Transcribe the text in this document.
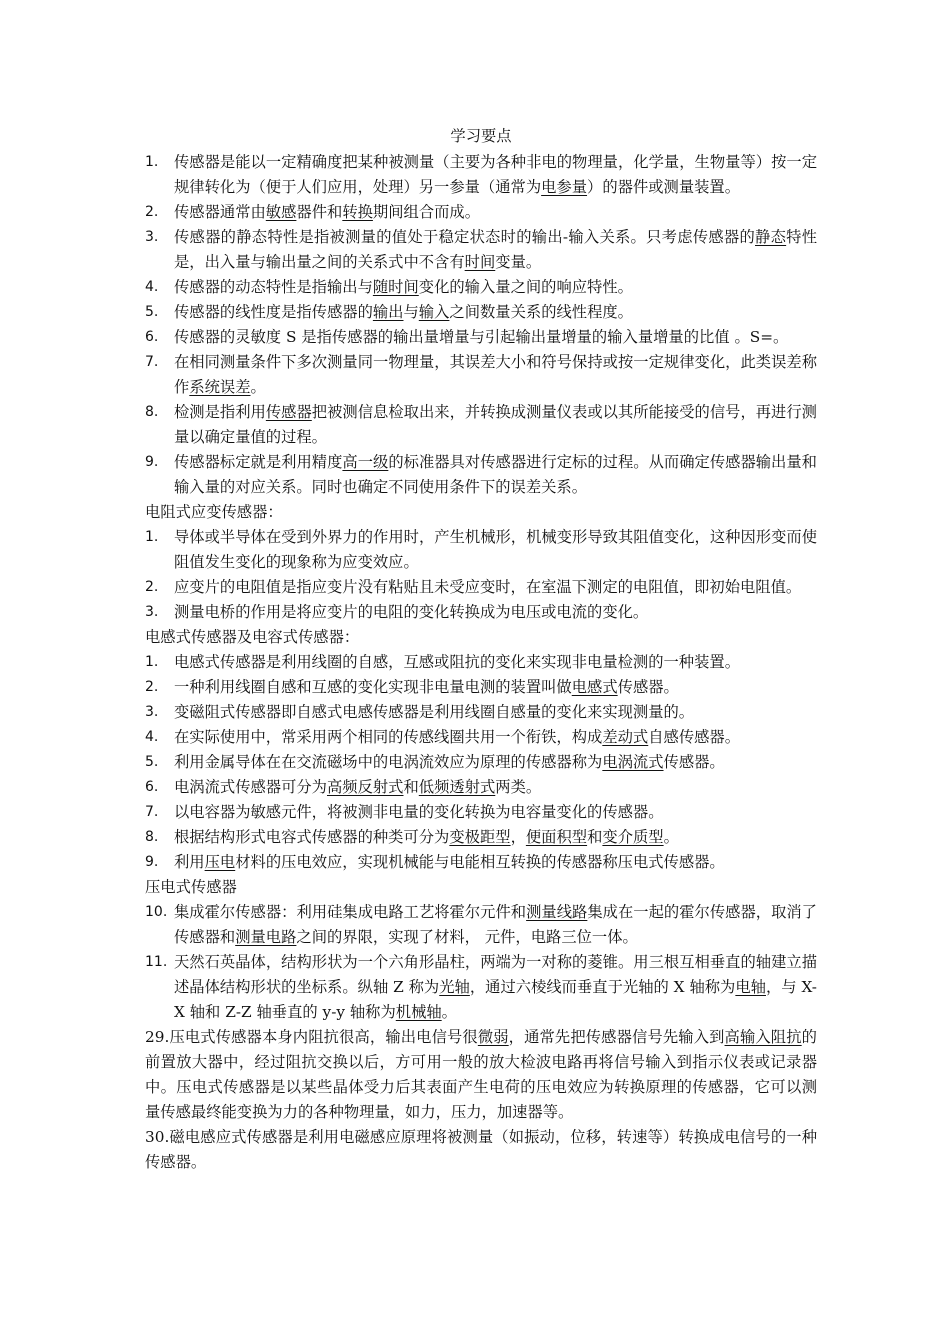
学习要点
1.	传感器是能以一定精确度把某种被测量（主要为各种非电的物理量，化学量，生物量等）按一定规律转化为（便于人们应用，处理）另一参量（通常为电参量）的器件或测量装置。
2.	传感器通常由敏感器件和转换期间组合而成。
3.	传感器的静态特性是指被测量的值处于稳定状态时的输出-输入关系。只考虑传感器的静态特性是，出入量与输出量之间的关系式中不含有时间变量。
4.	传感器的动态特性是指输出与随时间变化的输入量之间的响应特性。
5.	传感器的线性度是指传感器的输出与输入之间数量关系的线性程度。
6.	传感器的灵敏度 S 是指传感器的输出量增量与引起输出量增量的输入量增量的比值 。S=。
7.	在相同测量条件下多次测量同一物理量，其误差大小和符号保持或按一定规律变化，此类误差称作系统误差。
8.	检测是指利用传感器把被测信息检取出来，并转换成测量仪表或以其所能接受的信号，再进行测量以确定量值的过程。
9.	传感器标定就是利用精度高一级的标准器具对传感器进行定标的过程。从而确定传感器输出量和输入量的对应关系。同时也确定不同使用条件下的误差关系。
电阻式应变传感器：
1.	导体或半导体在受到外界力的作用时，产生机械形，机械变形导致其阻值变化，这种因形变而使阻值发生变化的现象称为应变效应。
2.	应变片的电阻值是指应变片没有粘贴且未受应变时，在室温下测定的电阻值，即初始电阻值。
3.	测量电桥的作用是将应变片的电阻的变化转换成为电压或电流的变化。
电感式传感器及电容式传感器：
1.	电感式传感器是利用线圈的自感，互感或阻抗的变化来实现非电量检测的一种装置。
2.	一种利用线圈自感和互感的变化实现非电量电测的装置叫做电感式传感器。
3.	变磁阻式传感器即自感式电感传感器是利用线圈自感量的变化来实现测量的。
4.	在实际使用中，常采用两个相同的传感线圈共用一个衔铁，构成差动式自感传感器。
5.	利用金属导体在在交流磁场中的电涡流效应为原理的传感器称为电涡流式传感器。
6.	电涡流式传感器可分为高频反射式和低频透射式两类。
7.	以电容器为敏感元件，将被测非电量的变化转换为电容量变化的传感器。
8.	根据结构形式电容式传感器的种类可分为变极距型，便面积型和变介质型。
9.	利用压电材料的压电效应，实现机械能与电能相互转换的传感器称压电式传感器。
压电式传感器
10. 集成霍尔传感器：利用硅集成电路工艺将霍尔元件和测量线路集成在一起的霍尔传感器，取消了传感器和测量电路之间的界限，实现了材料， 元件，电路三位一体。
11. 天然石英晶体，结构形状为一个六角形晶柱，两端为一对称的菱锥。用三根互相垂直的轴建立描述晶体结构形状的坐标系。纵轴 Z 称为光轴，通过六棱线而垂直于光轴的 X 轴称为电轴，与 X-X 轴和 Z-Z 轴垂直的 y-y 轴称为机械轴。
29.压电式传感器本身内阻抗很高，输出电信号很微弱，通常先把传感器信号先输入到高输入阻抗的前置放大器中，经过阻抗交换以后，方可用一般的放大检波电路再将信号输入到指示仪表或记录器中。压电式传感器是以某些晶体受力后其表面产生电荷的压电效应为转换原理的传感器，它可以测量传感最终能变换为力的各种物理量，如力，压力，加速器等。
30.磁电感应式传感器是利用电磁感应原理将被测量（如振动，位移，转速等）转换成电信号的一种传感器。
